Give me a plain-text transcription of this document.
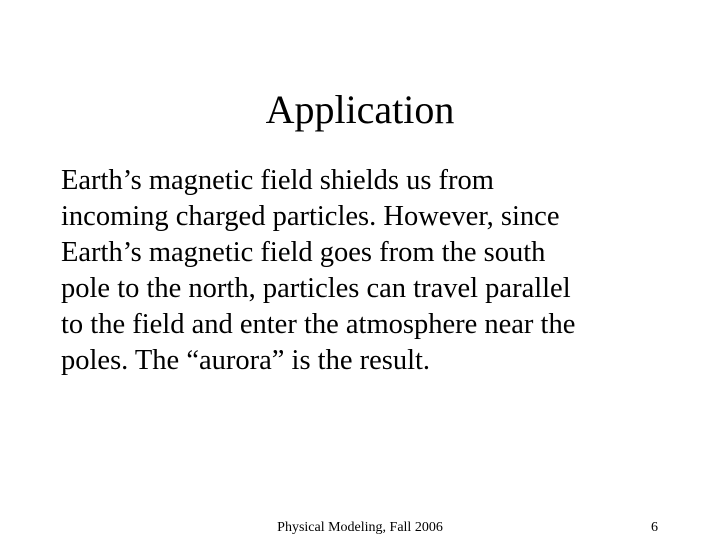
Application

Earth’s magnetic field shields us from
incoming charged particles. However, since
Earth’s magnetic field goes from the south
pole to the north, particles can travel parallel
to the field and enter the atmosphere near the
poles. The “aurora” is the result.

Physical Modeling, Fall 2006	6
